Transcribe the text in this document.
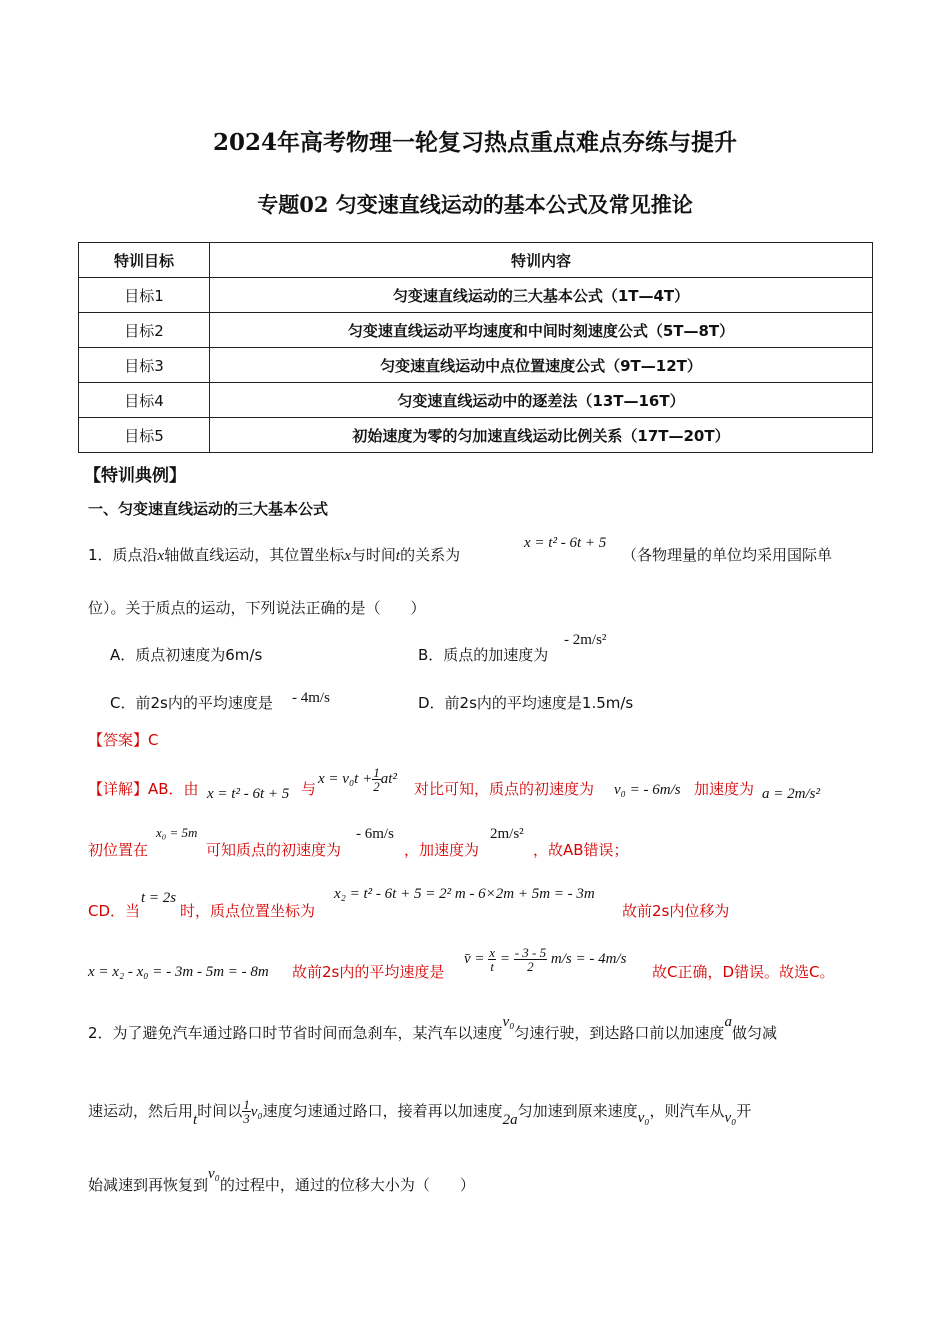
2024年高考物理一轮复习热点重点难点夯练与提升
专题02 匀变速直线运动的基本公式及常见推论
特训目标	特训内容
目标1	匀变速直线运动的三大基本公式（1T—4T）
目标2	匀变速直线运动平均速度和中间时刻速度公式（5T—8T）
目标3	匀变速直线运动中点位置速度公式（9T—12T）
目标4	匀变速直线运动中的逐差法（13T—16T）
目标5	初始速度为零的匀加速直线运动比例关系（17T—20T）
【特训典例】
一、匀变速直线运动的三大基本公式
1．质点沿x轴做直线运动，其位置坐标x与时间t的关系为
x = t² - 6t + 5
（各物理量的单位均采用国际单
位）。关于质点的运动，下列说法正确的是（　　）
A．质点初速度为6m/s	B．质点的加速度为
- 2m/s²
C．前2s内的平均速度是 - 4m/s	D．前2s内的平均速度是1.5m/s
【答案】C
【详解】AB．由 x = t² - 6t + 5 与
$x = v_0t + \frac{1}{2} at^2$
对比可知，质点的初速度为 v₀ = - 6m/s 加速度为 a = 2m/s²
初位置在
x₀ = 5m
可知质点的初速度为
- 6m/s
，加速度为
2m/s²
，故AB错误；
CD．当
t = 2s
时，质点位置坐标为
x₂ = t² - 6t + 5 = 2² m - 6×2m + 5m = - 3m
故前2s内位移为
x = x₂ - x₀ = - 3m - 5m = - 8m 故前2s内的平均速度是
v̄ = $\frac{x}{t} = \frac{- 3 - 5}{2} m/s$ = - 4m/s
故C正确，D错误。故选C。
2．为了避免汽车通过路口时节省时间而急刹车，某汽车以速度v₀匀速行驶，到达路口前以加速度a做匀减
速运动，然后用t时间以 $\frac{1}{3} v_0$速度匀速通过路口，接着再以加速度2a匀加速到原来速度v₀，则汽车从v₀开
始减速到再恢复到v₀的过程中，通过的位移大小为（　　）
